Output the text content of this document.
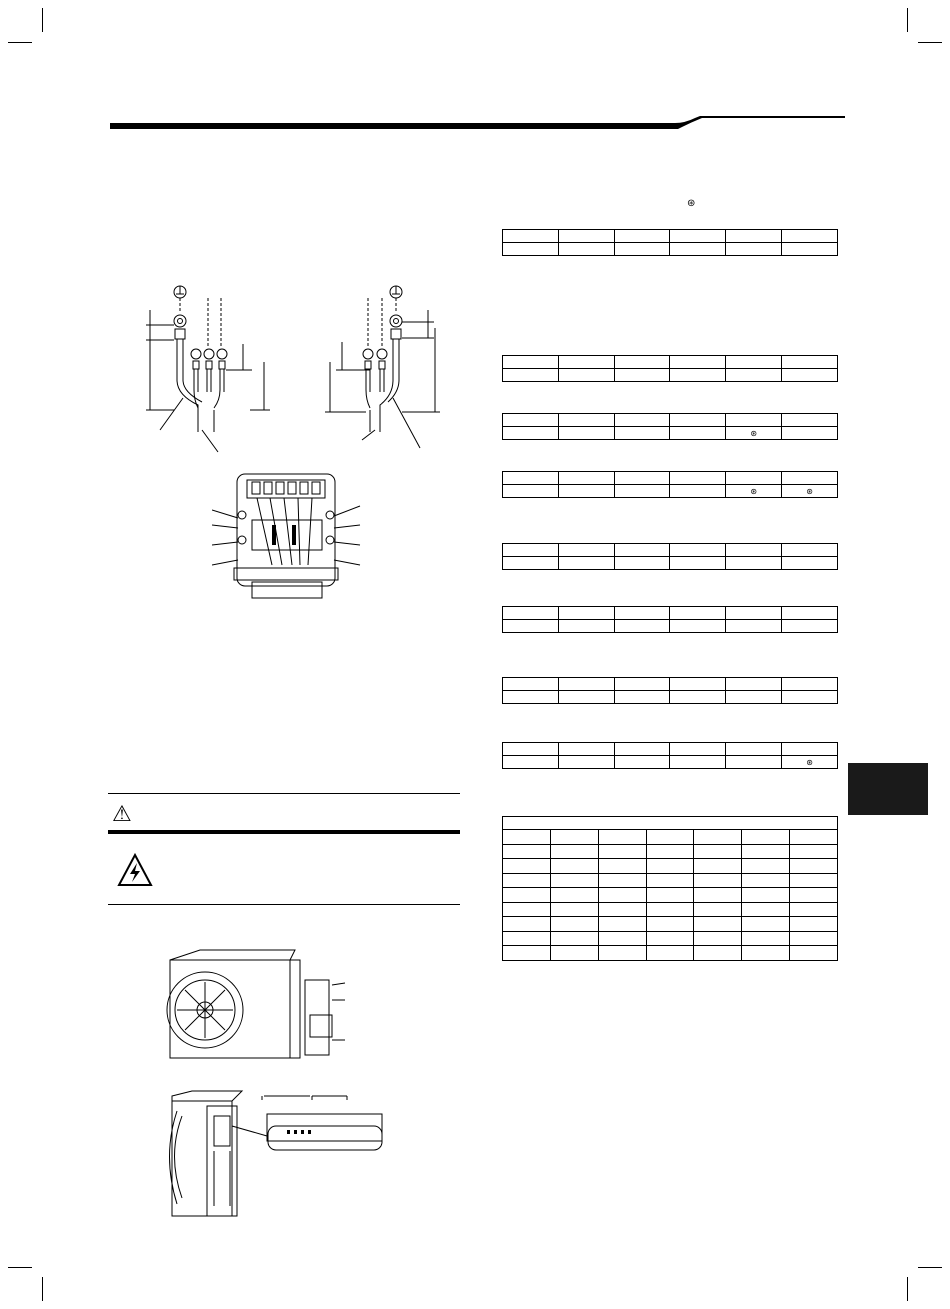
⚠
⊛

				⊛	

				⊛	⊛

					⊛
